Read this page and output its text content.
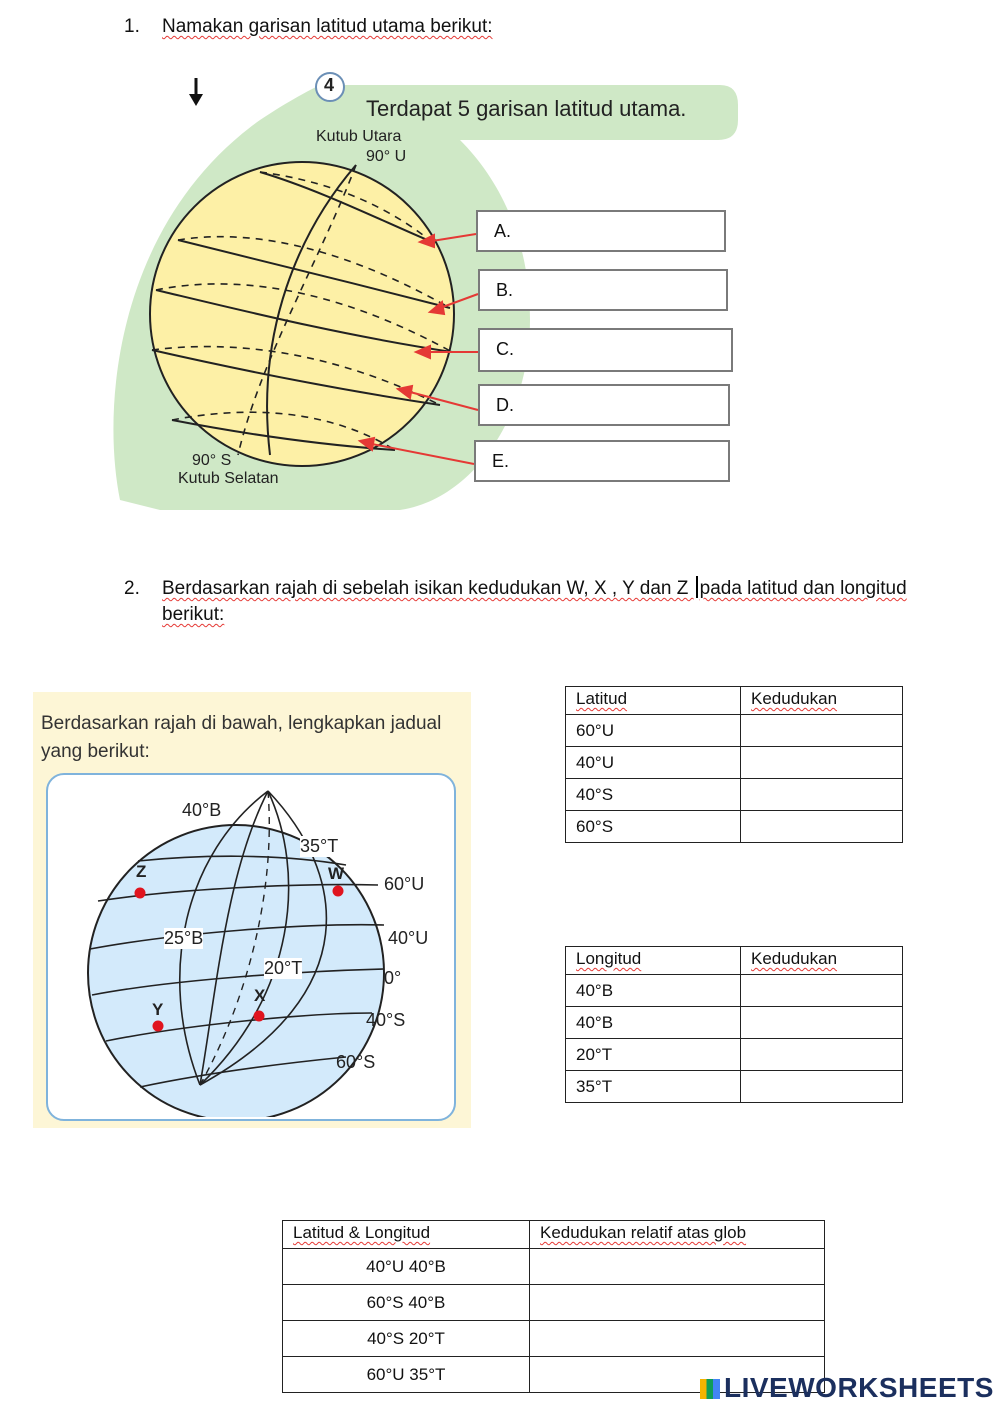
1. Namakan garisan latitud utama berikut:
4
Terdapat 5 garisan latitud utama.
Kutub Utara
90° U
90° S
Kutub Selatan
A.
B.
C.
D.
E.
2. Berdasarkan rajah di sebelah isikan kedudukan W, X , Y dan Z pada latitud dan longitud berikut:
Berdasarkan rajah di bawah, lengkapkan jadual yang berikut:
40°B
35°T
25°B
20°T
60°U
40°U
0°
40°S
60°S
W
X
Y
Z
Latitud	Kedudukan
60°U	
40°U	
40°S	
60°S	
Longitud	Kedudukan
40°B	
40°B	
20°T	
35°T	
Latitud & Longitud	Kedudukan relatif atas glob
40°U 40°B	
60°S 40°B	
40°S 20°T	
60°U 35°T		LIVEWORKSHEETS
